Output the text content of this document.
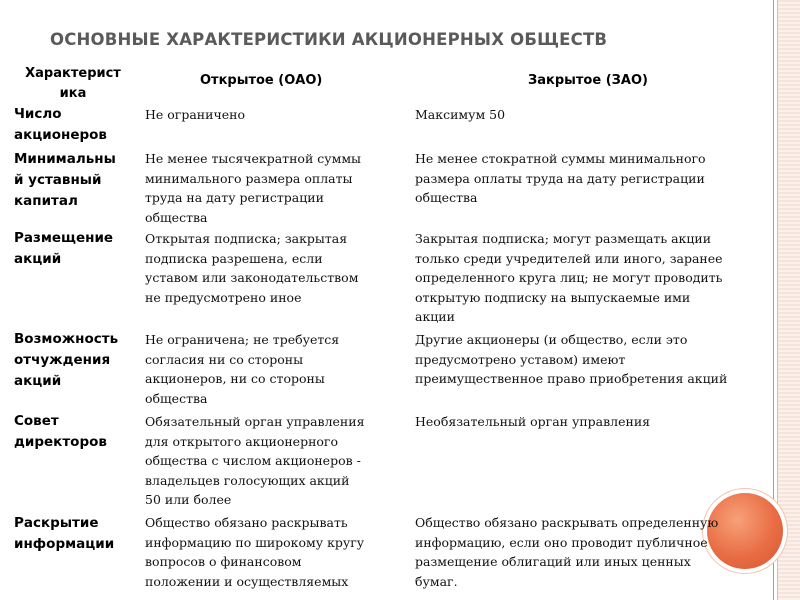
ОСНОВНЫЕ ХАРАКТЕРИСТИКИ АКЦИОНЕРНЫХ ОБЩЕСТВ
Характерист
ика
Открытое (ОАО)	Закрытое (ЗАО)
Число
акционеров
Не ограничено	Максимум 50
Минимальны
й уставный
капитал
Не менее тысячекратной суммы
минимального размера оплаты
труда на дату регистрации
общества
Не менее стократной суммы минимального
размера оплаты труда на дату регистрации
общества
Размещение
акций
Открытая подписка; закрытая
подписка разрешена, если
уставом или законодательством
не предусмотрено иное
Закрытая подписка; могут размещать акции
только среди учредителей или иного, заранее
определенного круга лиц; не могут проводить
открытую подписку на выпускаемые ими
акции
Возможность
отчуждения
акций
Не ограничена; не требуется
согласия ни со стороны
акционеров, ни со стороны
общества
Другие акционеры (и общество, если это
предусмотрено уставом) имеют
преимущественное право приобретения акций
Совет
директоров
Обязательный орган управления
для открытого акционерного
общества с числом акционеров -
владельцев голосующих акций
50 или более
Необязательный орган управления
Раскрытие
информации
Общество обязано раскрывать
информацию по широкому кругу
вопросов о финансовом
положении и осуществляемых
Общество обязано раскрывать определенную
информацию, если оно проводит публичное
размещение облигаций или иных ценных
бумаг.
